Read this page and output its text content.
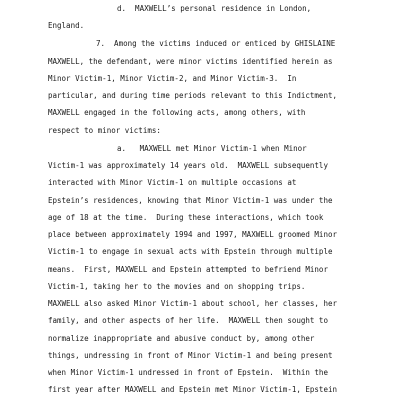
d.  MAXWELL’s personal residence in London,
England.
7.  Among the victims induced or enticed by GHISLAINE
MAXWELL, the defendant, were minor victims identified herein as
Minor Victim-1, Minor Victim-2, and Minor Victim-3.  In
particular, and during time periods relevant to this Indictment,
MAXWELL engaged in the following acts, among others, with
respect to minor victims:
a.   MAXWELL met Minor Victim-1 when Minor
Victim-1 was approximately 14 years old.  MAXWELL subsequently
interacted with Minor Victim-1 on multiple occasions at
Epstein’s residences, knowing that Minor Victim-1 was under the
age of 18 at the time.  During these interactions, which took
place between approximately 1994 and 1997, MAXWELL groomed Minor
Victim-1 to engage in sexual acts with Epstein through multiple
means.  First, MAXWELL and Epstein attempted to befriend Minor
Victim-1, taking her to the movies and on shopping trips.
MAXWELL also asked Minor Victim-1 about school, her classes, her
family, and other aspects of her life.  MAXWELL then sought to
normalize inappropriate and abusive conduct by, among other
things, undressing in front of Minor Victim-1 and being present
when Minor Victim-1 undressed in front of Epstein.  Within the
first year after MAXWELL and Epstein met Minor Victim-1, Epstein
